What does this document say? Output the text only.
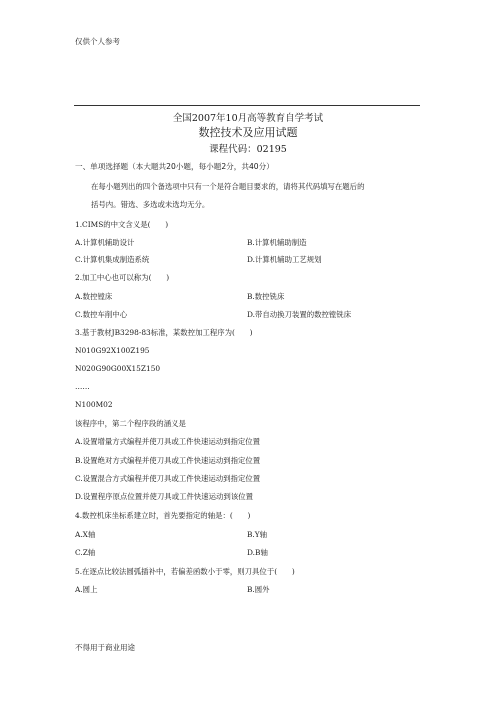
仅供个人参考
全国2007年10月高等教育自学考试
数控技术及应用试题
课程代码：02195
一、单项选择题（本大题共20小题，每小题2分，共40分）
在每小题列出的四个备选项中只有一个是符合题目要求的，请将其代码填写在题后的
括号内。错选、多选或未选均无分。
1.CIMS的中文含义是(　　)
A.计算机辅助设计	B.计算机辅助制造
C.计算机集成制造系统	D.计算机辅助工艺规划
2.加工中心也可以称为(　　)
A.数控镗床	B.数控铣床
C.数控车削中心	D.带自动换刀装置的数控镗铣床
3.基于教材JB3298-83标准，某数控加工程序为(　　)
N010G92X100Z195
N020G90G00X15Z150
……
N100M02
该程序中，第二个程序段的涵义是
A.设置增量方式编程并使刀具或工件快速运动到指定位置
B.设置绝对方式编程并使刀具或工件快速运动到指定位置
C.设置混合方式编程并使刀具或工件快速运动到指定位置
D.设置程序原点位置并使刀具或工件快速运动到该位置
4.数控机床坐标系建立时，首先要指定的轴是：(　　)
A.X轴	B.Y轴
C.Z轴	D.B轴
5.在逐点比较法圆弧插补中，若偏差函数小于零，则刀具位于(　　)
A.圆上	B.圆外
不得用于商业用途
